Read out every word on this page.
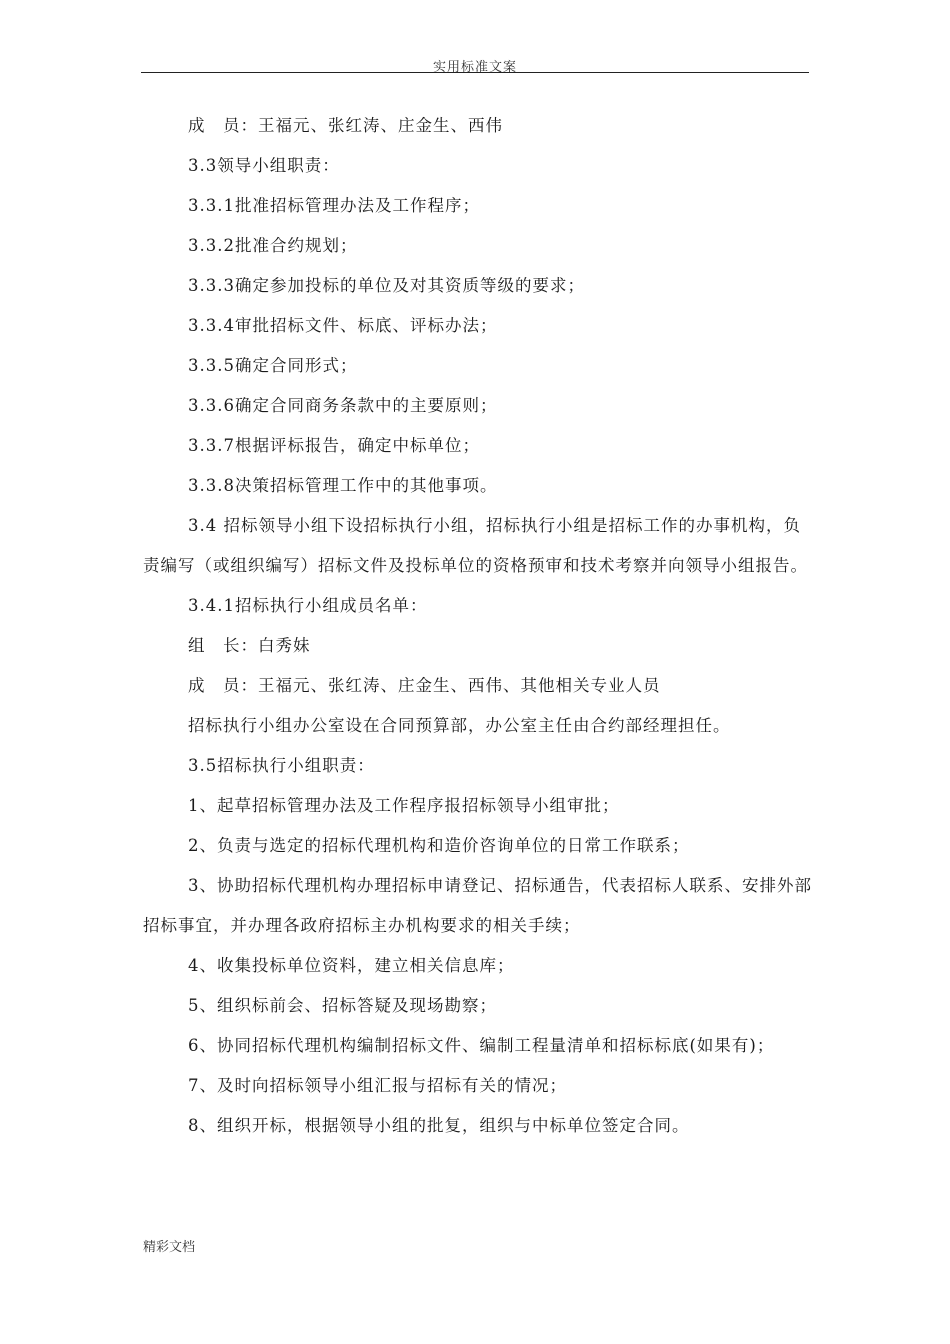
实用标准文案

成　员：王福元、张红涛、庄金生、西伟

3.3领导小组职责：

3.3.1批准招标管理办法及工作程序；

3.3.2批准合约规划；

3.3.3确定参加投标的单位及对其资质等级的要求；

3.3.4审批招标文件、标底、评标办法；

3.3.5确定合同形式；

3.3.6确定合同商务条款中的主要原则；

3.3.7根据评标报告，确定中标单位；

3.3.8决策招标管理工作中的其他事项。

3.4 招标领导小组下设招标执行小组，招标执行小组是招标工作的办事机构，负责编写（或组织编写）招标文件及投标单位的资格预审和技术考察并向领导小组报告。

3.4.1招标执行小组成员名单：

组　长：白秀妹

成　员：王福元、张红涛、庄金生、西伟、其他相关专业人员

招标执行小组办公室设在合同预算部，办公室主任由合约部经理担任。

3.5招标执行小组职责：

1、起草招标管理办法及工作程序报招标领导小组审批；

2、负责与选定的招标代理机构和造价咨询单位的日常工作联系；

3、协助招标代理机构办理招标申请登记、招标通告，代表招标人联系、安排外部招标事宜，并办理各政府招标主办机构要求的相关手续；

4、收集投标单位资料，建立相关信息库；

5、组织标前会、招标答疑及现场勘察；

6、协同招标代理机构编制招标文件、编制工程量清单和招标标底(如果有)；

7、及时向招标领导小组汇报与招标有关的情况；

8、组织开标，根据领导小组的批复，组织与中标单位签定合同。

精彩文档
